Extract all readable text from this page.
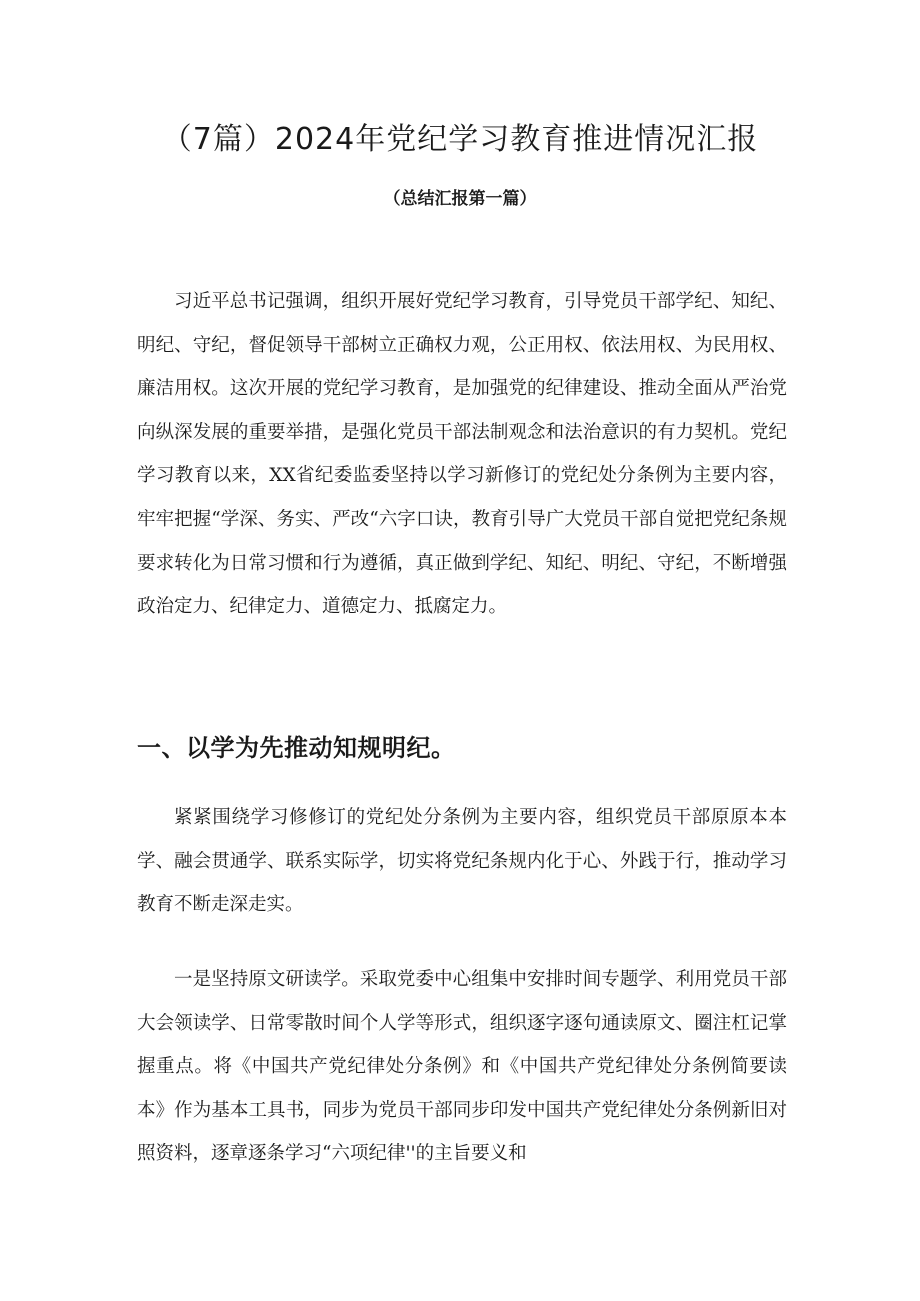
（7篇）2024年党纪学习教育推进情况汇报
（总结汇报第一篇）

习近平总书记强调，组织开展好党纪学习教育，引导党员干部学纪、知纪、明纪、守纪，督促领导干部树立正确权力观，公正用权、依法用权、为民用权、廉洁用权。这次开展的党纪学习教育，是加强党的纪律建设、推动全面从严治党向纵深发展的重要举措，是强化党员干部法制观念和法治意识的有力契机。党纪学习教育以来，XX省纪委监委坚持以学习新修订的党纪处分条例为主要内容，牢牢把握“学深、务实、严改“六字口诀，教育引导广大党员干部自觉把党纪条规要求转化为日常习惯和行为遵循，真正做到学纪、知纪、明纪、守纪，不断增强政治定力、纪律定力、道德定力、抵腐定力。

一、以学为先推动知规明纪。

紧紧围绕学习修修订的党纪处分条例为主要内容，组织党员干部原原本本学、融会贯通学、联系实际学，切实将党纪条规内化于心、外践于行，推动学习教育不断走深走实。

一是坚持原文研读学。采取党委中心组集中安排时间专题学、利用党员干部大会领读学、日常零散时间个人学等形式，组织逐字逐句通读原文、圈注杠记掌握重点。将《中国共产党纪律处分条例》和《中国共产党纪律处分条例简要读本》作为基本工具书，同步为党员干部同步印发中国共产党纪律处分条例新旧对照资料，逐章逐条学习“六项纪律''的主旨要义和
